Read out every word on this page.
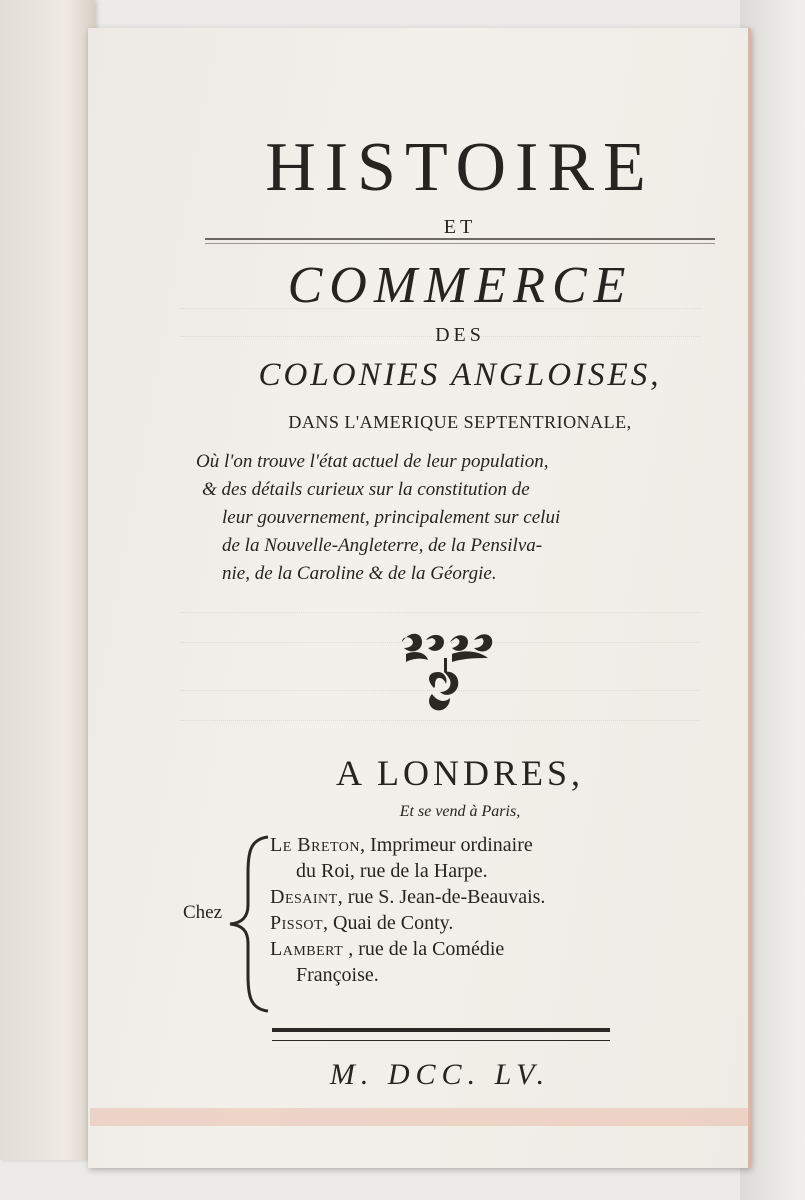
HISTOIRE
ET
COMMERCE
DES
COLONIES ANGLOISES,
DANS L'AMERIQUE SEPTENTRIONALE,
Où l'on trouve l'état actuel de leur population,
& des détails curieux sur la constitution de
leur gouvernement, principalement sur celui
de la Nouvelle-Angleterre, de la Pensilva-
nie, de la Caroline & de la Géorgie.
A LONDRES,
Et se vend à Paris,
Chez
Le Breton, Imprimeur ordinaire
du Roi, rue de la Harpe.
Desaint, rue S. Jean-de-Beauvais.
Pissot, Quai de Conty.
Lambert , rue de la Comédie
Françoise.
M. DCC. LV.
